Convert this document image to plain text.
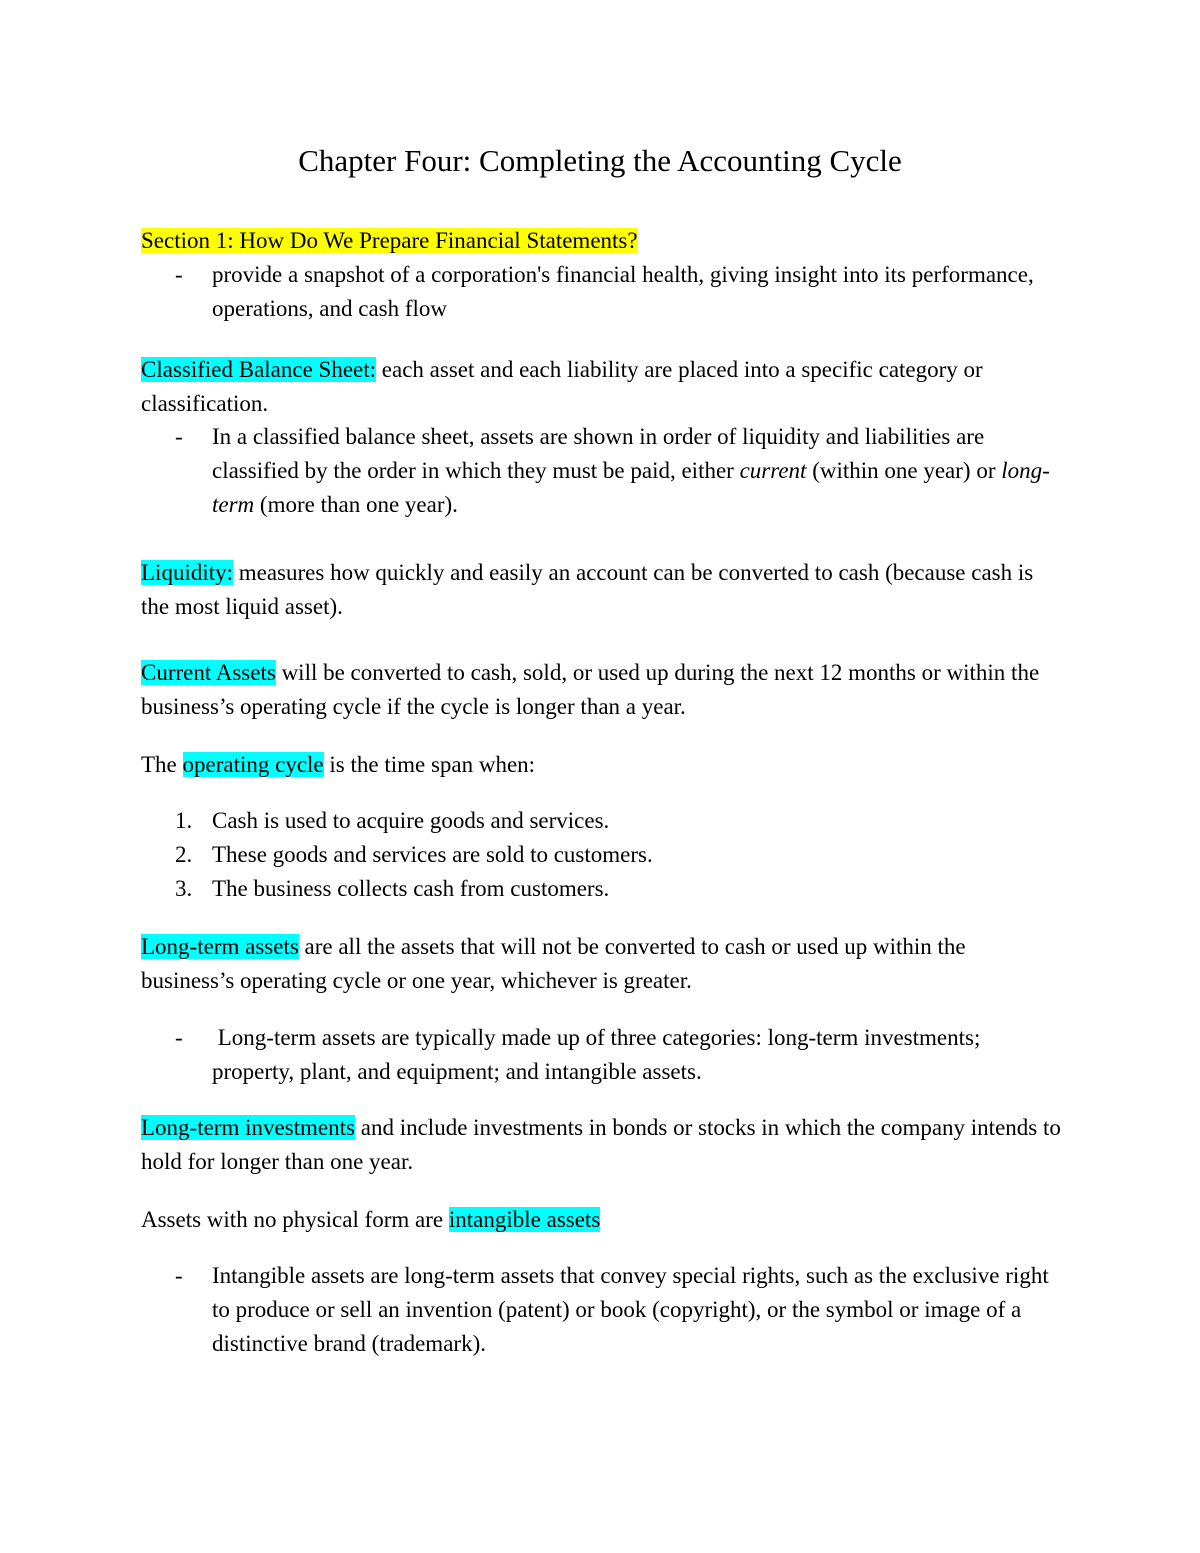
Chapter Four: Completing the Accounting Cycle

Section 1: How Do We Prepare Financial Statements?

-	provide a snapshot of a corporation's financial health, giving insight into its performance, operations, and cash flow

Classified Balance Sheet: each asset and each liability are placed into a specific category or classification.

-	In a classified balance sheet, assets are shown in order of liquidity and liabilities are classified by the order in which they must be paid, either current (within one year) or long-term (more than one year).

Liquidity: measures how quickly and easily an account can be converted to cash (because cash is the most liquid asset).

Current Assets will be converted to cash, sold, or used up during the next 12 months or within the business’s operating cycle if the cycle is longer than a year.

The operating cycle is the time span when:

1. Cash is used to acquire goods and services.
2. These goods and services are sold to customers.
3. The business collects cash from customers.

Long-term assets are all the assets that will not be converted to cash or used up within the business’s operating cycle or one year, whichever is greater.

-	Long-term assets are typically made up of three categories: long-term investments; property, plant, and equipment; and intangible assets.

Long-term investments and include investments in bonds or stocks in which the company intends to hold for longer than one year.

Assets with no physical form are intangible assets

-	Intangible assets are long-term assets that convey special rights, such as the exclusive right to produce or sell an invention (patent) or book (copyright), or the symbol or image of a distinctive brand (trademark).
